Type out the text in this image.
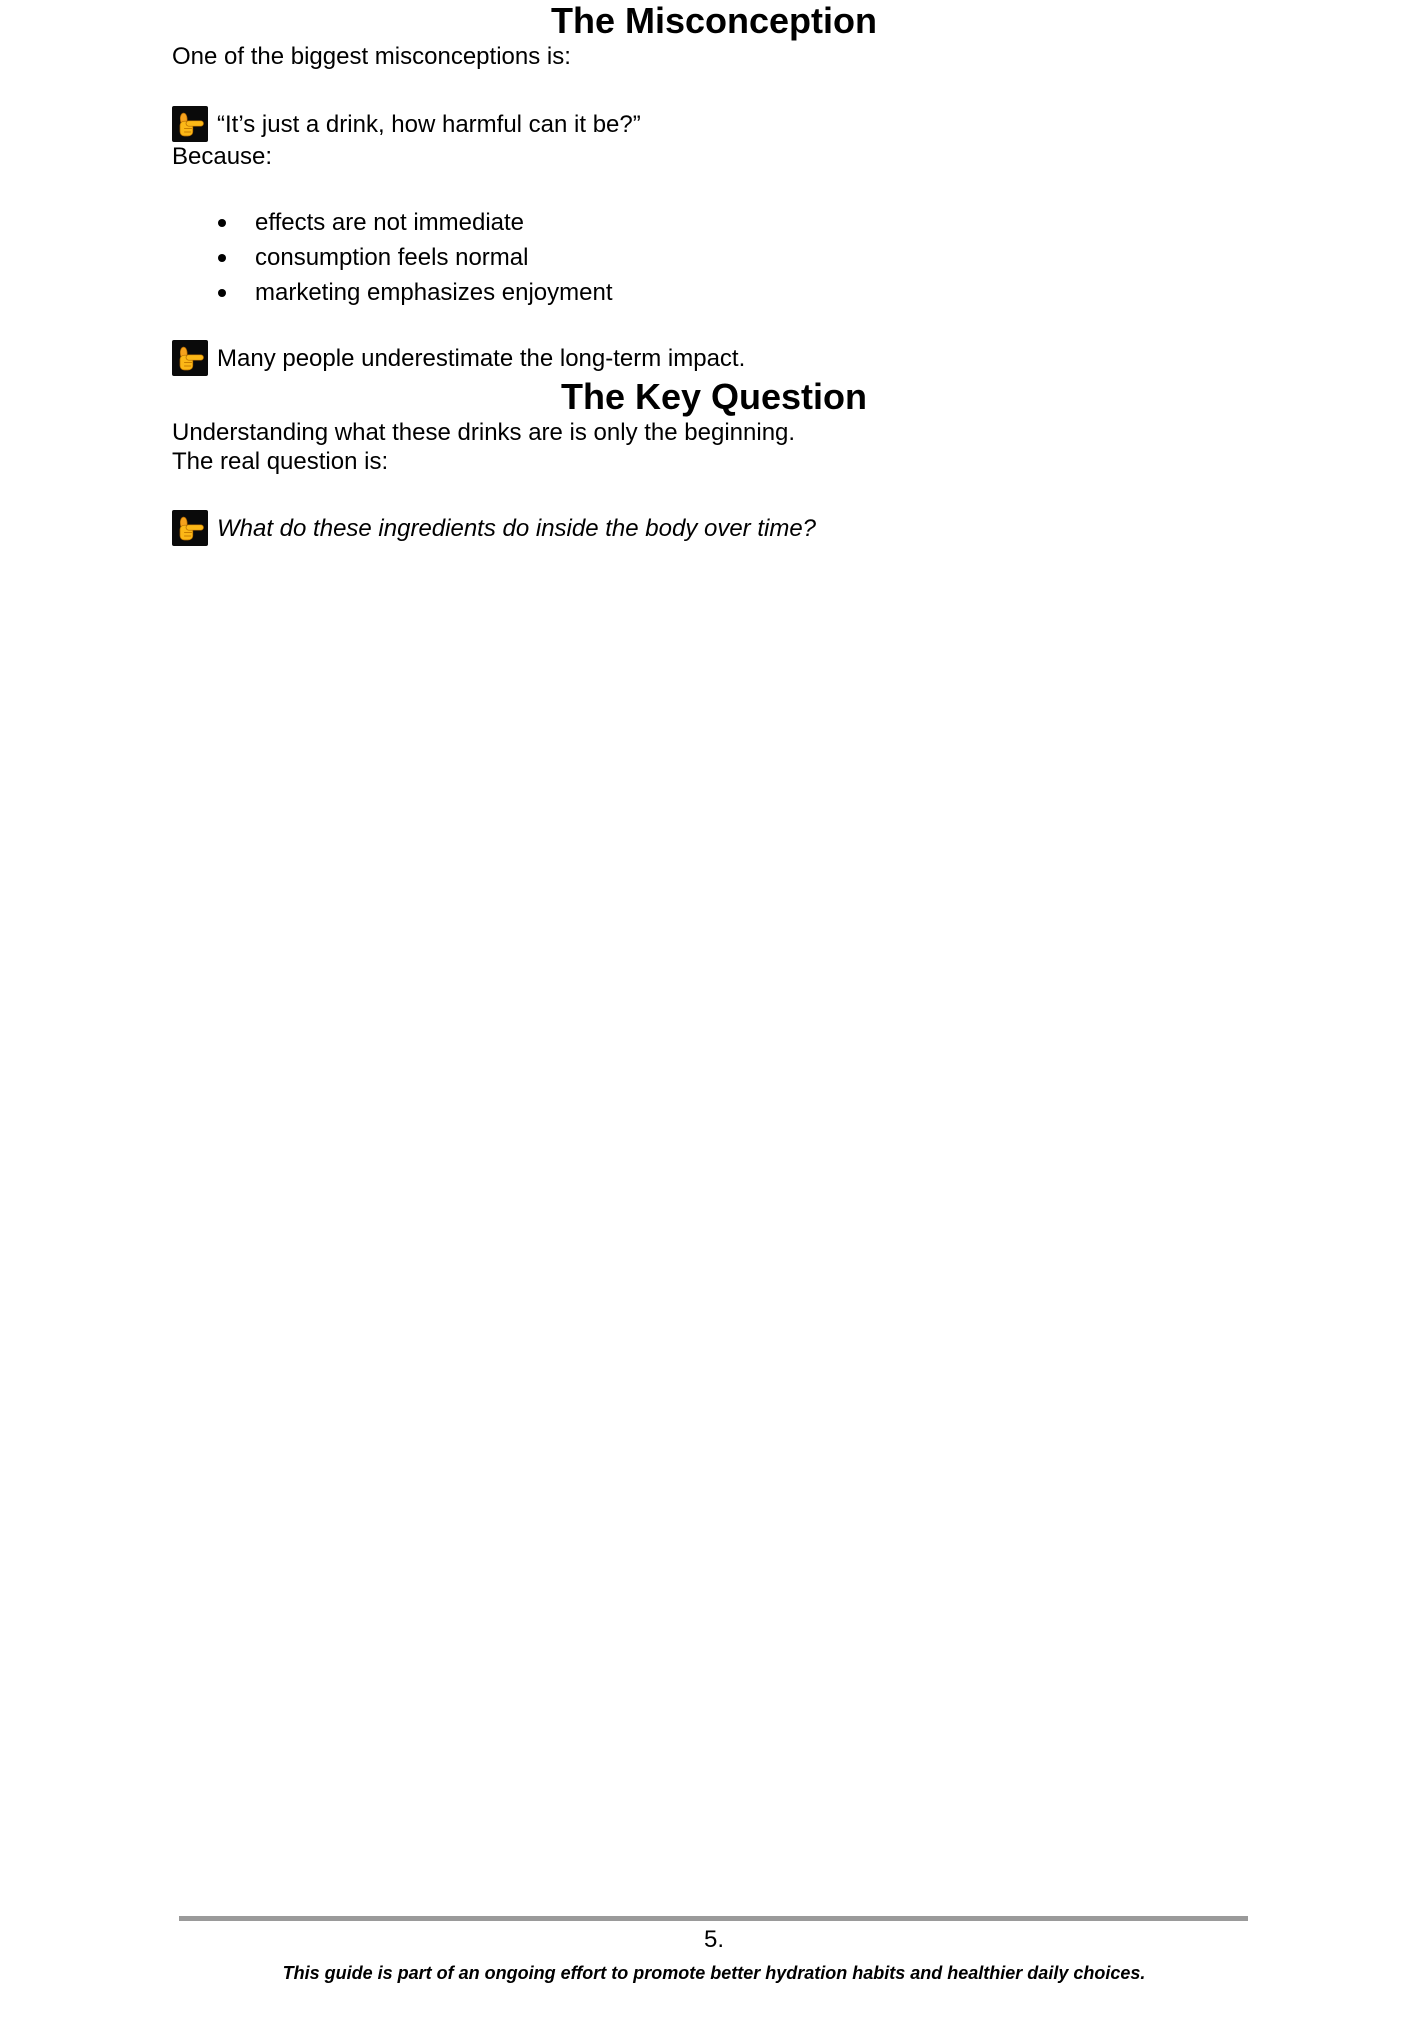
The Misconception

One of the biggest misconceptions is:

“It’s just a drink, how harmful can it be?”

Because:

effects are not immediate
consumption feels normal
marketing emphasizes enjoyment
Many people underestimate the long-term impact.
The Key Question

Understanding what these drinks are is only the beginning.

The real question is:

What do these ingredients do inside the body over time?
5.
This guide is part of an ongoing effort to promote better hydration habits and healthier daily choices.
